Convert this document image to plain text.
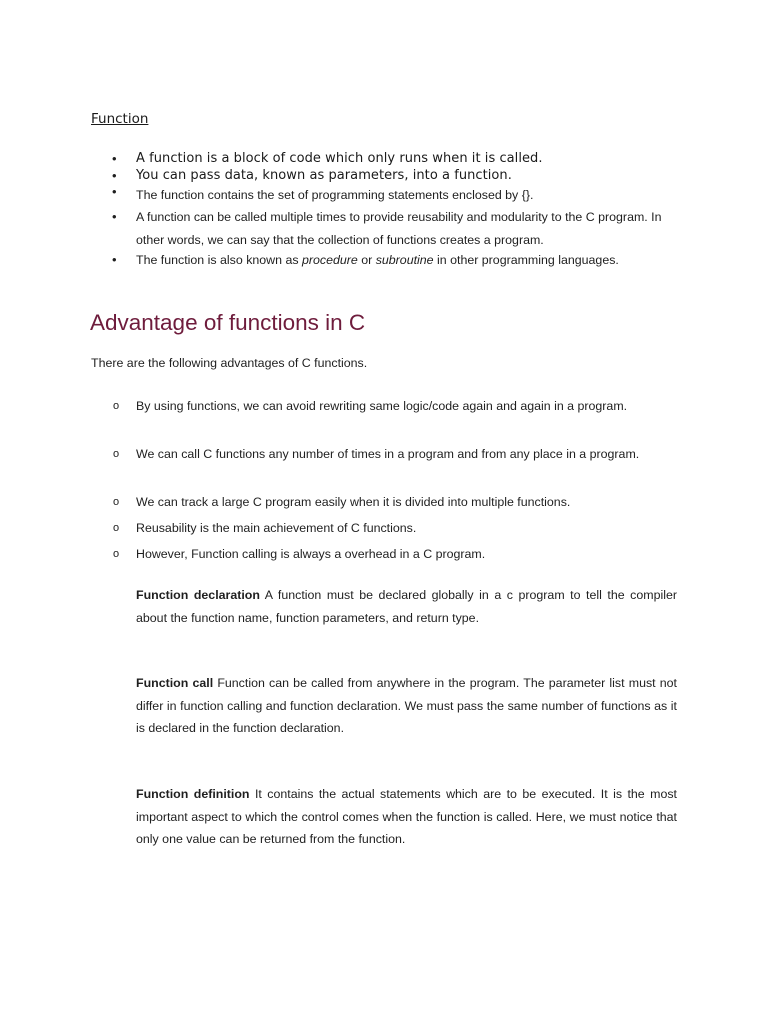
Function
• A function is a block of code which only runs when it is called.
• You can pass data, known as parameters, into a function.
• The function contains the set of programming statements enclosed by {}.
• A function can be called multiple times to provide reusability and modularity to the C program. In other words, we can say that the collection of functions creates a program.
• The function is also known as procedure or subroutine in other programming languages.
Advantage of functions in C
There are the following advantages of C functions.
o By using functions, we can avoid rewriting same logic/code again and again in a program.
o We can call C functions any number of times in a program and from any place in a program.
o We can track a large C program easily when it is divided into multiple functions.
o Reusability is the main achievement of C functions.
o However, Function calling is always a overhead in a C program.
Function declaration A function must be declared globally in a c program to tell the compiler about the function name, function parameters, and return type.
Function call Function can be called from anywhere in the program. The parameter list must not differ in function calling and function declaration. We must pass the same number of functions as it is declared in the function declaration.
Function definition It contains the actual statements which are to be executed. It is the most important aspect to which the control comes when the function is called. Here, we must notice that only one value can be returned from the function.
